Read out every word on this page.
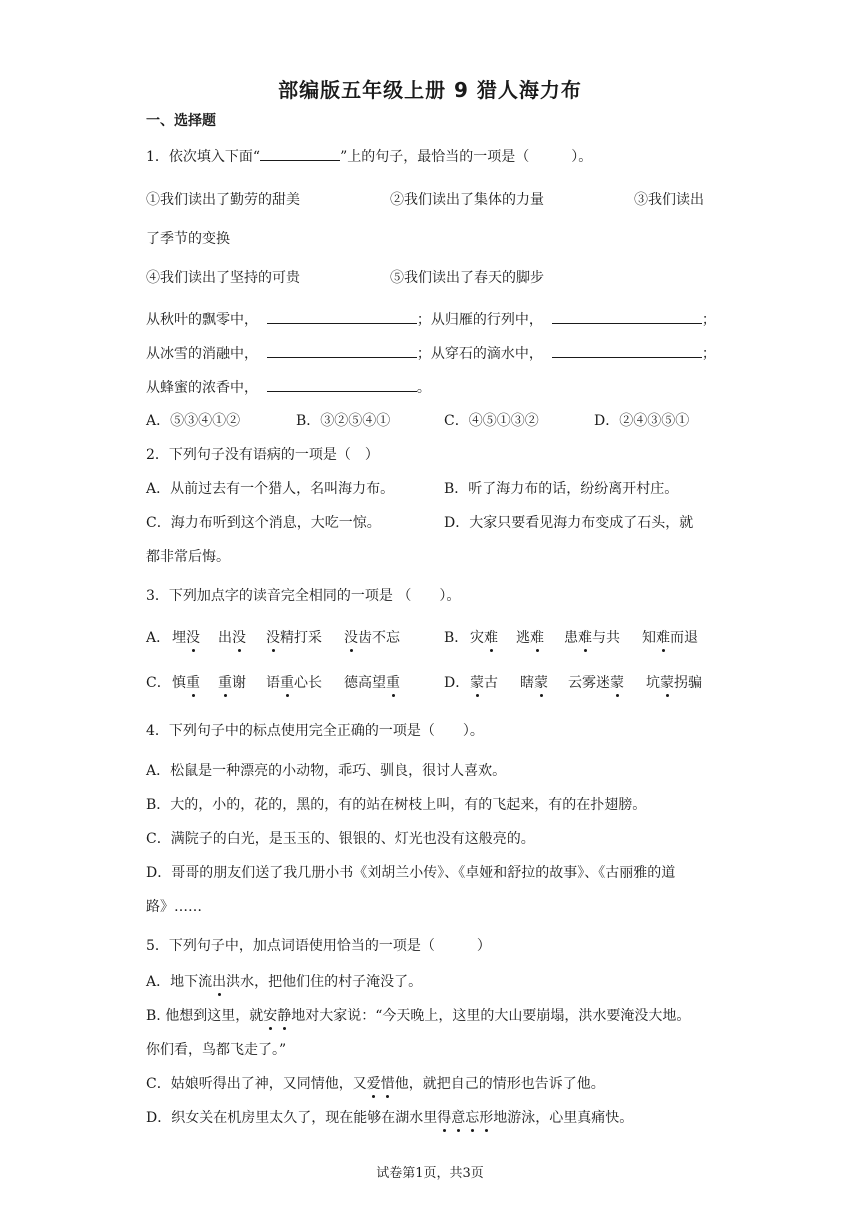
部编版五年级上册 9 猎人海力布
一、选择题
1．依次填入下面“	”上的句子，最恰当的一项是（　　　）。
①我们读出了勤劳的甜美	②我们读出了集体的力量	③我们读出
了季节的变换
④我们读出了坚持的可贵	⑤我们读出了春天的脚步
从秋叶的飘零中，	；从归雁的行列中，	；
从冰雪的消融中，	；从穿石的滴水中，	；
从蜂蜜的浓香中，	。
A．⑤③④①②	B．③②⑤④①	C．④⑤①③②	D．②④③⑤①
2．下列句子没有语病的一项是（　）
A．从前过去有一个猎人，名叫海力布。	B．听了海力布的话，纷纷离开村庄。
C．海力布听到这个消息，大吃一惊。	D．大家只要看见海力布变成了石头，就
都非常后悔。
3．下列加点字的读音完全相同的一项是 （　　）。
A． 埋没 出没 没
精打采 没
齿不忘	B． 灾难 逃难 患难
与共 知难
而退
C． 慎重 重
谢 语重
心长 德高望重	D． 蒙
古 瞎蒙 云雾迷蒙 坑蒙
拐骗
4．下列句子中的标点使用完全正确的一项是（　　）。
A．松鼠是一种漂亮的小动物，乖巧、驯良，很讨人喜欢。
B．大的，小的，花的，黑的，有的站在树枝上叫，有的飞起来，有的在扑翅膀。
C．满院子的白光，是玉玉的、银银的、灯光也没有这般亮的。
D．哥哥的朋友们送了我几册小书《刘胡兰小传》、《卓娅和舒拉的故事》、《古丽雅的道
路》……
5．下列句子中，加点词语使用恰当的一项是（　　　）
A．地下流出
洪水，把他们住的村子淹没了。
B. 他想到这里，就安
静
地对大家说：“今天晚上，这里的大山要崩塌，洪水要淹没大地。
你们看，鸟都飞走了。”
C．姑娘听得出了神，又同情他，又爱
惜
他，就把自己的情形也告诉了他。
D．织女关在机房里太久了，现在能够在湖水里得
意
忘
形
地游泳，心里真痛快。
试卷第1页，共3页
